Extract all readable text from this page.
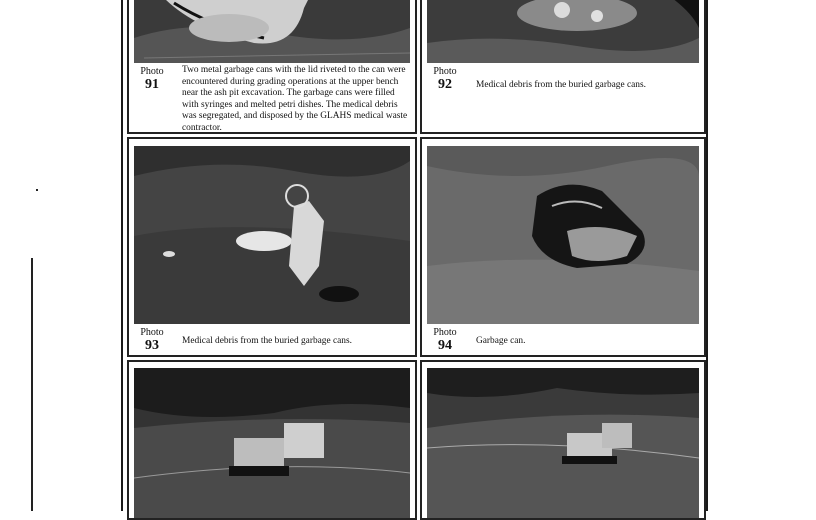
Photo
91
Two metal garbage cans with the lid riveted to the can were encountered during grading operations at the upper bench near the ash pit excavation. The garbage cans were filled with syringes and melted petri dishes. The medical debris was segregated, and disposed by the GLAHS medical waste contractor.
Photo
92	Medical debris from the buried garbage cans.
Photo
93	Medical debris from the buried garbage cans.
Photo
94	Garbage can.
